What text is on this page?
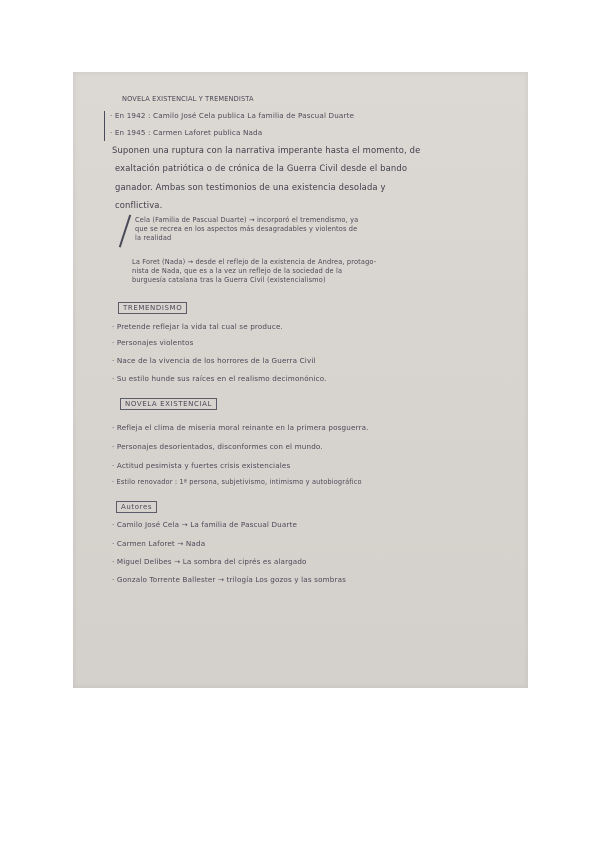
NOVELA EXISTENCIAL Y TREMENDISTA
· En 1942 : Camilo José Cela publica La familia de Pascual Duarte
· En 1945 : Carmen Laforet publica Nada
Suponen una ruptura con la narrativa imperante hasta el momento, de
exaltación patriótica o de crónica de la Guerra Civil desde el bando
ganador. Ambas son testimonios de una existencia desolada y
conflictiva.
Cela (Familia de Pascual Duarte) → incorporó el tremendismo, ya
que se recrea en los aspectos más desagradables y violentos de
la realidad
La Foret (Nada) → desde el reflejo de la existencia de Andrea, protago-
nista de Nada, que es a la vez un reflejo de la sociedad de la
burguesía catalana tras la Guerra Civil (existencialismo)
TREMENDISMO
· Pretende reflejar la vida tal cual se produce.
· Personajes violentos
· Nace de la vivencia de los horrores de la Guerra Civil
· Su estilo hunde sus raíces en el realismo decimonónico.
NOVELA EXISTENCIAL
· Refleja el clima de miseria moral reinante en la primera posguerra.
· Personajes desorientados, disconformes con el mundo.
· Actitud pesimista y fuertes crisis existenciales
· Estilo renovador : 1ª persona, subjetivismo, intimismo y autobiográfico
Autores
· Camilo José Cela → La familia de Pascual Duarte
· Carmen Laforet → Nada
· Miguel Delibes → La sombra del ciprés es alargado
· Gonzalo Torrente Ballester → trilogía Los gozos y las sombras
